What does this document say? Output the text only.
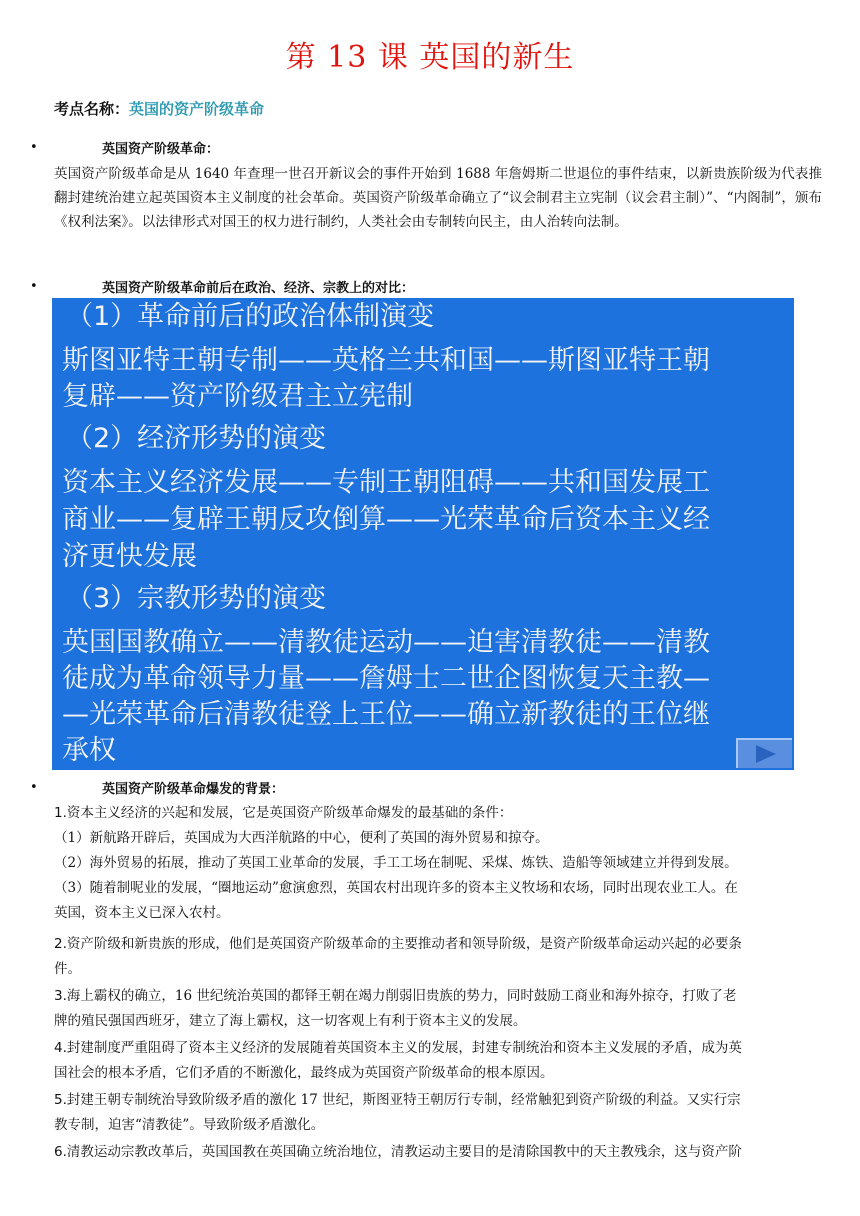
第 13 课 英国的新生
考点名称：英国的资产阶级革命
•	英国资产阶级革命：
英国资产阶级革命是从 1640 年查理一世召开新议会的事件开始到 1688 年詹姆斯二世退位的事件结束，以新贵族阶级为代表推翻封建统治建立起英国资本主义制度的社会革命。英国资产阶级革命确立了“议会制君主立宪制（议会君主制）”、“内阁制”，颁布《权利法案》。以法律形式对国王的权力进行制约，人类社会由专制转向民主，由人治转向法制。
•	英国资产阶级革命前后在政治、经济、宗教上的对比：
（1）革命前后的政治体制演变
斯图亚特王朝专制——英格兰共和国——斯图亚特王朝
复辟——资产阶级君主立宪制
（2）经济形势的演变
资本主义经济发展——专制王朝阻碍——共和国发展工
商业——复辟王朝反攻倒算——光荣革命后资本主义经
济更快发展
（3）宗教形势的演变
英国国教确立——清教徒运动——迫害清教徒——清教
徒成为革命领导力量——詹姆士二世企图恢复天主教—
—光荣革命后清教徒登上王位——确立新教徒的王位继
承权
•	英国资产阶级革命爆发的背景：
1.资本主义经济的兴起和发展，它是英国资产阶级革命爆发的最基础的条件：
（1）新航路开辟后，英国成为大西洋航路的中心，便利了英国的海外贸易和掠夺。
（2）海外贸易的拓展，推动了英国工业革命的发展，手工工场在制呢、采煤、炼铁、造船等领域建立并得到发展。
（3）随着制呢业的发展，“圈地运动”愈演愈烈，英国农村出现许多的资本主义牧场和农场，同时出现农业工人。在
英国，资本主义已深入农村。
2.资产阶级和新贵族的形成，他们是英国资产阶级革命的主要推动者和领导阶级，是资产阶级革命运动兴起的必要条
件。
3.海上霸权的确立，16 世纪统治英国的都铎王朝在竭力削弱旧贵族的势力，同时鼓励工商业和海外掠夺，打败了老
牌的殖民强国西班牙，建立了海上霸权，这一切客观上有利于资本主义的发展。
4.封建制度严重阻碍了资本主义经济的发展随着英国资本主义的发展，封建专制统治和资本主义发展的矛盾，成为英
国社会的根本矛盾，它们矛盾的不断激化，最终成为英国资产阶级革命的根本原因。
5.封建王朝专制统治导致阶级矛盾的激化 17 世纪，斯图亚特王朝厉行专制，经常触犯到资产阶级的利益。又实行宗
教专制，迫害“清教徒”。导致阶级矛盾激化。
6.清教运动宗教改革后，英国国教在英国确立统治地位，清教运动主要目的是清除国教中的天主教残余，这与资产阶
